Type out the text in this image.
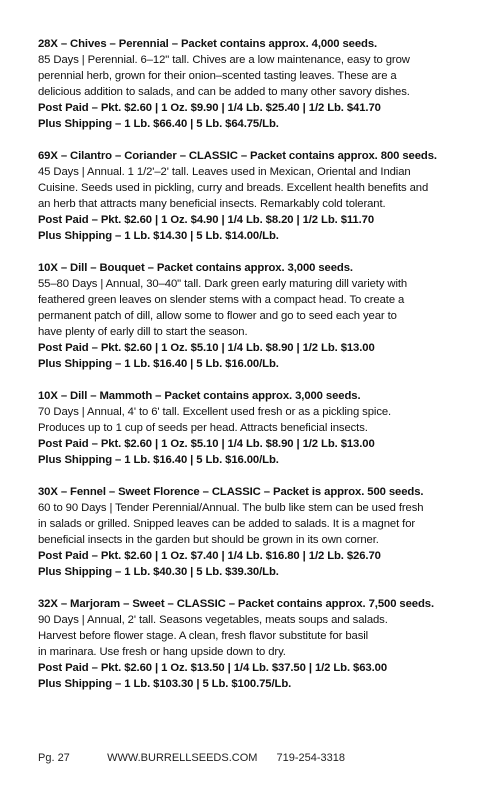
28X – Chives – Perennial – Packet contains approx. 4,000 seeds.
85 Days | Perennial. 6–12" tall. Chives are a low maintenance, easy to grow
perennial herb, grown for their onion–scented tasting leaves. These are a
delicious addition to salads, and can be added to many other savory dishes.
Post Paid – Pkt. $2.60 | 1 Oz. $9.90 | 1/4 Lb. $25.40 | 1/2 Lb. $41.70
Plus Shipping – 1 Lb. $66.40 | 5 Lb. $64.75/Lb.
69X – Cilantro – Coriander – CLASSIC – Packet contains approx. 800 seeds.
45 Days | Annual. 1 1/2'–2' tall. Leaves used in Mexican, Oriental and Indian
Cuisine. Seeds used in pickling, curry and breads. Excellent health benefits and
an herb that attracts many beneficial insects. Remarkably cold tolerant.
Post Paid – Pkt. $2.60 | 1 Oz. $4.90 | 1/4 Lb. $8.20 | 1/2 Lb. $11.70
Plus Shipping – 1 Lb. $14.30 | 5 Lb. $14.00/Lb.
10X – Dill – Bouquet – Packet contains approx. 3,000 seeds.
55–80 Days | Annual, 30–40" tall. Dark green early maturing dill variety with
feathered green leaves on slender stems with a compact head. To create a
permanent patch of dill, allow some to flower and go to seed each year to
have plenty of early dill to start the season.
Post Paid – Pkt. $2.60 | 1 Oz. $5.10 | 1/4 Lb. $8.90 | 1/2 Lb. $13.00
Plus Shipping – 1 Lb. $16.40 | 5 Lb. $16.00/Lb.
10X – Dill – Mammoth – Packet contains approx. 3,000 seeds.
70 Days | Annual, 4' to 6' tall. Excellent used fresh or as a pickling spice.
Produces up to 1 cup of seeds per head. Attracts beneficial insects.
Post Paid – Pkt. $2.60 | 1 Oz. $5.10 | 1/4 Lb. $8.90 | 1/2 Lb. $13.00
Plus Shipping – 1 Lb. $16.40 | 5 Lb. $16.00/Lb.
30X – Fennel – Sweet Florence – CLASSIC – Packet is approx. 500 seeds.
60 to 90 Days | Tender Perennial/Annual. The bulb like stem can be used fresh
in salads or grilled. Snipped leaves can be added to salads. It is a magnet for
beneficial insects in the garden but should be grown in its own corner.
Post Paid – Pkt. $2.60 | 1 Oz. $7.40 | 1/4 Lb. $16.80 | 1/2 Lb. $26.70
Plus Shipping – 1 Lb. $40.30 | 5 Lb. $39.30/Lb.
32X – Marjoram – Sweet – CLASSIC – Packet contains approx. 7,500 seeds.
90 Days | Annual, 2' tall. Seasons vegetables, meats soups and salads.
Harvest before flower stage. A clean, fresh flavor substitute for basil
in marinara. Use fresh or hang upside down to dry.
Post Paid – Pkt. $2.60 | 1 Oz. $13.50 | 1/4 Lb. $37.50 | 1/2 Lb. $63.00
Plus Shipping – 1 Lb. $103.30 | 5 Lb. $100.75/Lb.
Pg. 27	WWW.BURRELLSEEDS.COM 719-254-3318
